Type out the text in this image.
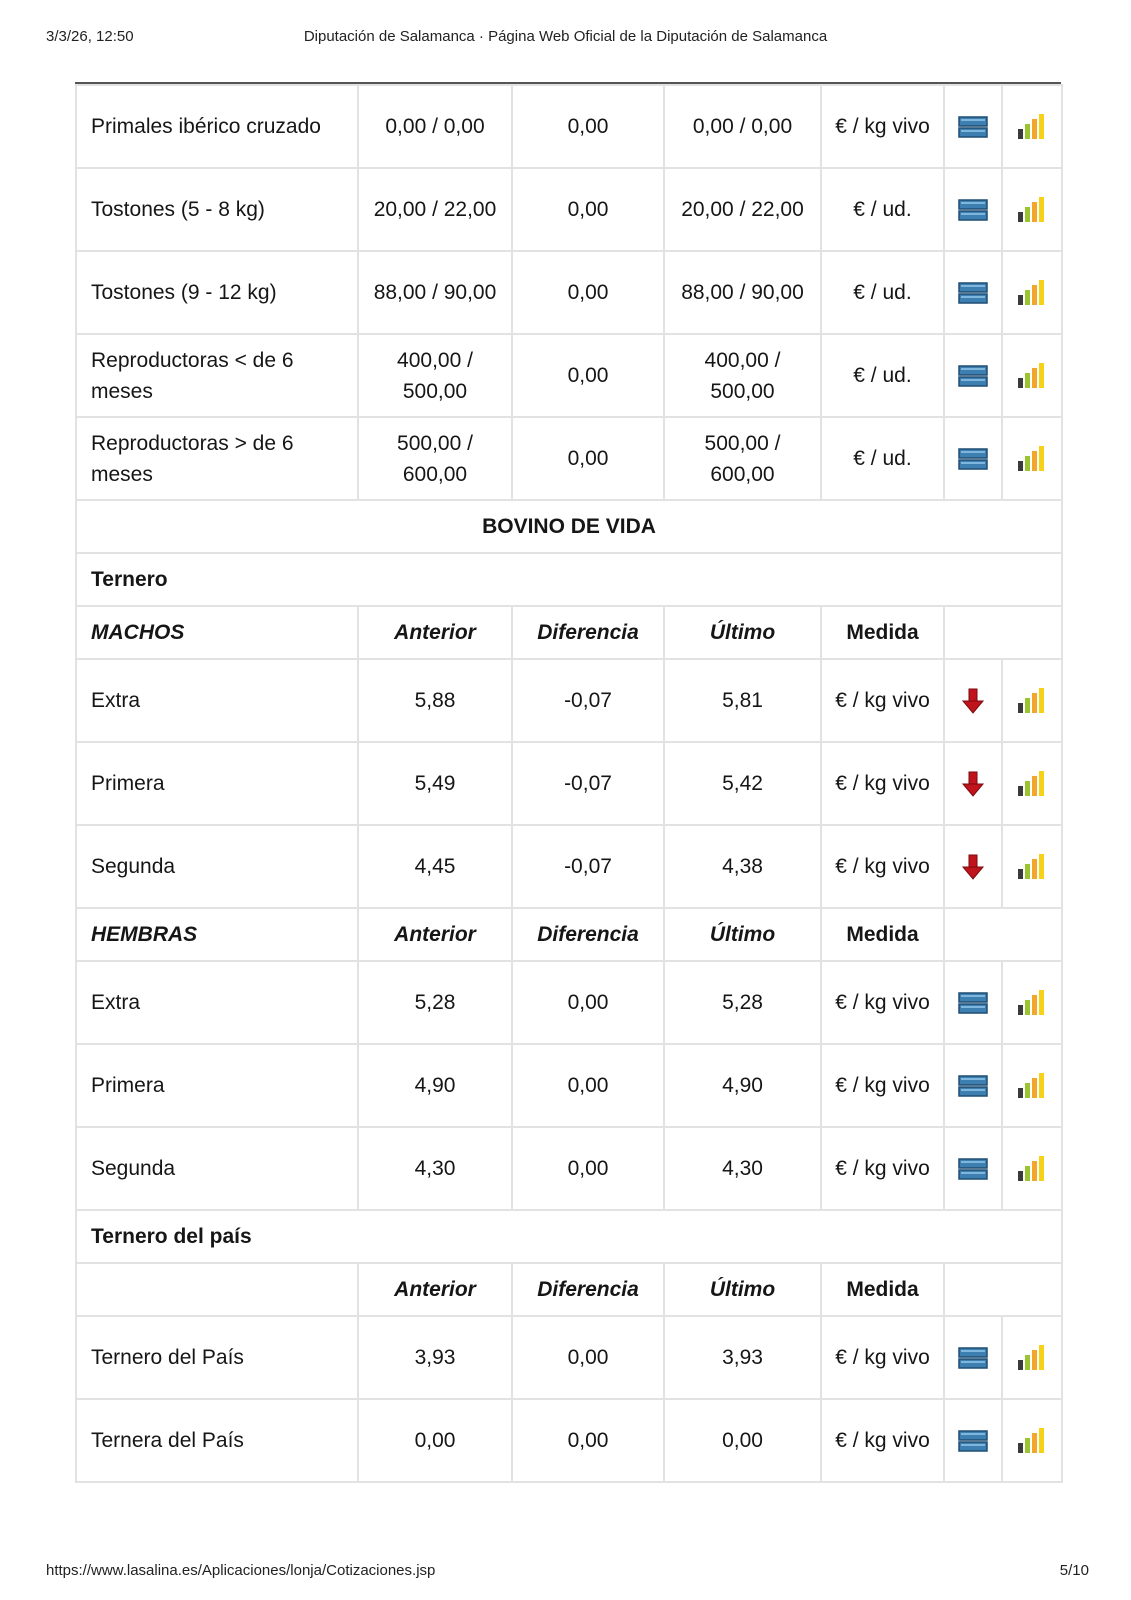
3/3/26, 12:50	Diputación de Salamanca · Página Web Oficial de la Diputación de Salamanca
Primales ibérico cruzado	0,00 / 0,00	0,00	0,00 / 0,00	€ / kg vivo		
Tostones (5 - 8 kg)	20,00 / 22,00	0,00	20,00 / 22,00	€ / ud.		
Tostones (9 - 12 kg)	88,00 / 90,00	0,00	88,00 / 90,00	€ / ud.		
Reproductoras < de 6 meses	400,00 / 500,00	0,00	400,00 / 500,00	€ / ud.		
Reproductoras > de 6 meses	500,00 / 600,00	0,00	500,00 / 600,00	€ / ud.		
BOVINO DE VIDA						
Ternero						
MACHOS	Anterior	Diferencia	Último	Medida		
Extra	5,88	-0,07	5,81	€ / kg vivo		
Primera	5,49	-0,07	5,42	€ / kg vivo		
Segunda	4,45	-0,07	4,38	€ / kg vivo		
HEMBRAS	Anterior	Diferencia	Último	Medida		
Extra	5,28	0,00	5,28	€ / kg vivo		
Primera	4,90	0,00	4,90	€ / kg vivo		
Segunda	4,30	0,00	4,30	€ / kg vivo		
Ternero del país						
	Anterior	Diferencia	Último	Medida		
Ternero del País	3,93	0,00	3,93	€ / kg vivo		
Ternera del País	0,00	0,00	0,00	€ / kg vivo		
https://www.lasalina.es/Aplicaciones/lonja/Cotizaciones.jsp	5/10
